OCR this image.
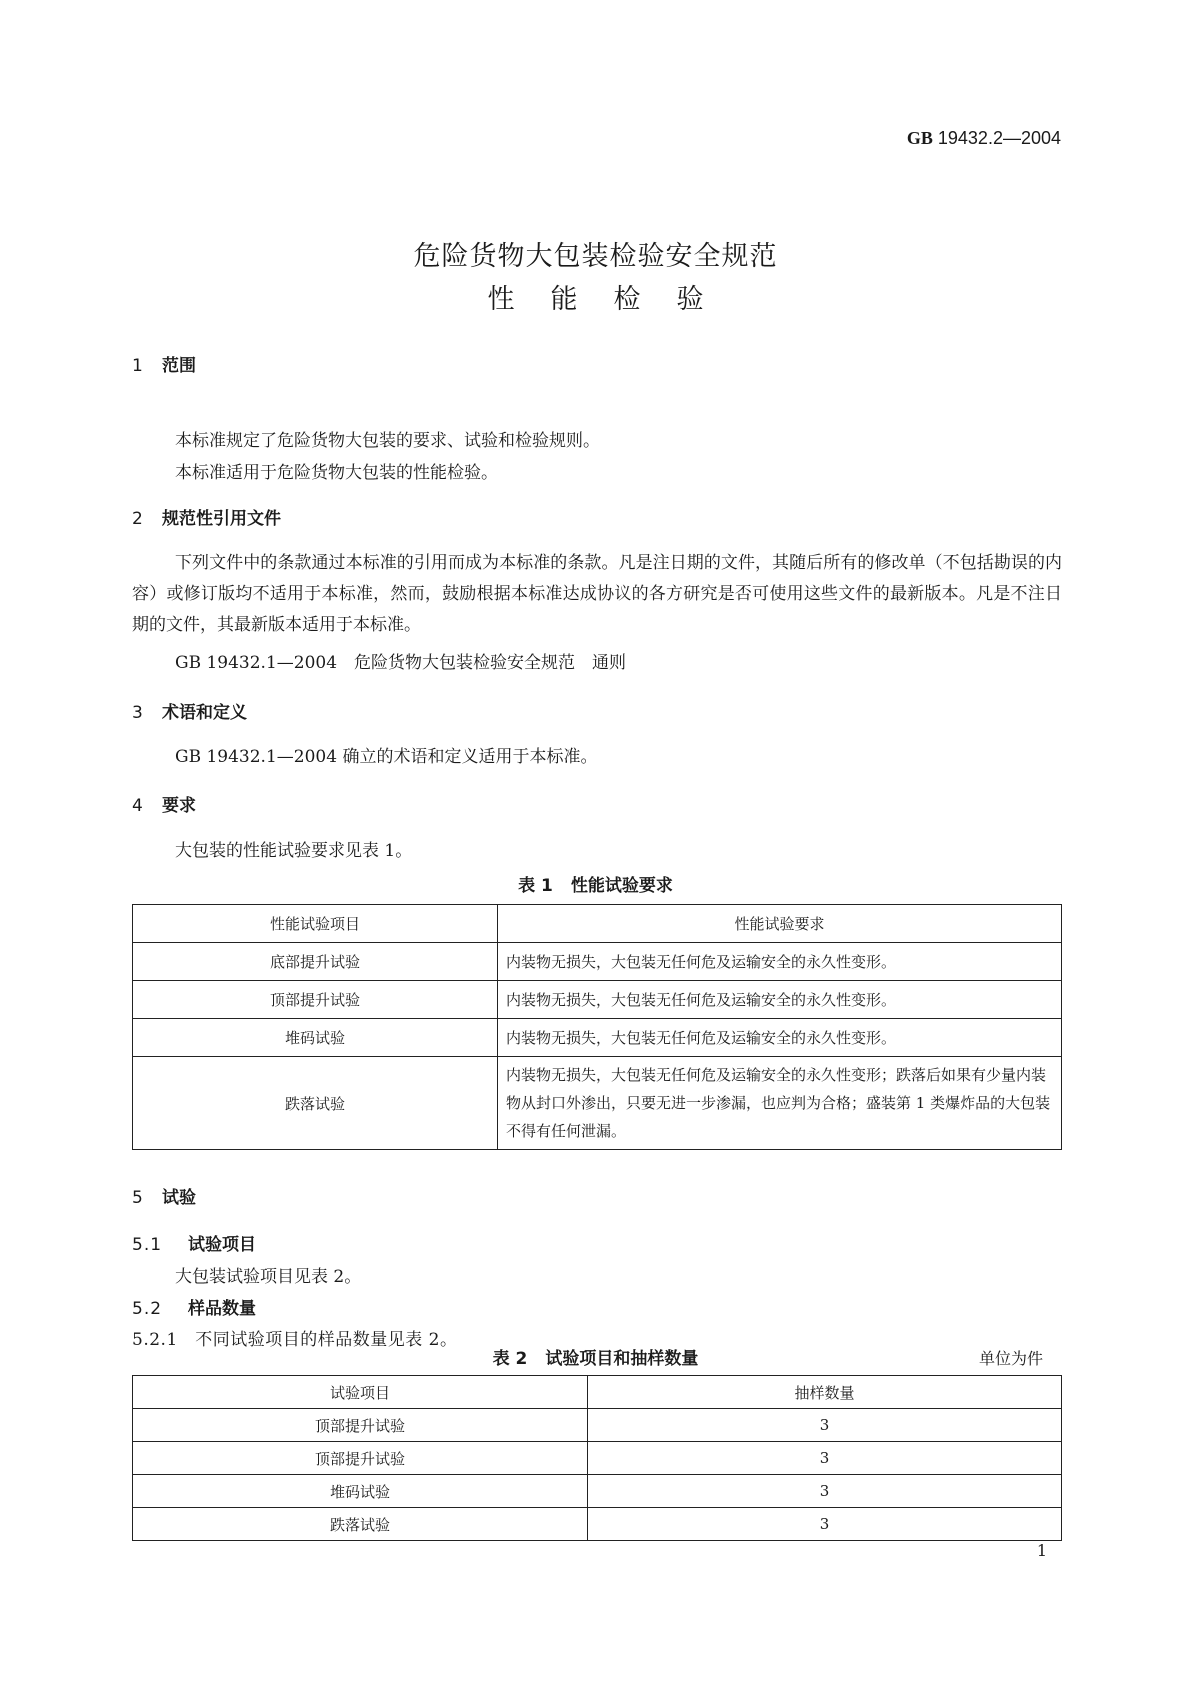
GB 19432.2—2004
危险货物大包装检验安全规范
性能检验
1 范围
本标准规定了危险货物大包装的要求、试验和检验规则。
本标准适用于危险货物大包装的性能检验。
2 规范性引用文件
下列文件中的条款通过本标准的引用而成为本标准的条款。凡是注日期的文件，其随后所有的修改单（不包括勘误的内容）或修订版均不适用于本标准，然而，鼓励根据本标准达成协议的各方研究是否可使用这些文件的最新版本。凡是不注日期的文件，其最新版本适用于本标准。
GB 19432.1—2004　危险货物大包装检验安全规范　通则
3 术语和定义
GB 19432.1—2004 确立的术语和定义适用于本标准。
4 要求
大包装的性能试验要求见表 1。
表 1 性能试验要求
性能试验项目	性能试验要求
底部提升试验	内装物无损失，大包装无任何危及运输安全的永久性变形。
顶部提升试验	内装物无损失，大包装无任何危及运输安全的永久性变形。
堆码试验	内装物无损失，大包装无任何危及运输安全的永久性变形。
跌落试验	内装物无损失，大包装无任何危及运输安全的永久性变形；跌落后如果有少量内装物从封口外渗出，只要无进一步渗漏，也应判为合格；盛装第 1 类爆炸品的大包装不得有任何泄漏。
5 试验
5.1 试验项目
大包装试验项目见表 2。
5.2 样品数量
5.2.1　不同试验项目的样品数量见表 2。
表 2 试验项目和抽样数量	单位为件
试验项目	抽样数量
顶部提升试验	3
顶部提升试验	3
堆码试验	3
跌落试验	3
1
